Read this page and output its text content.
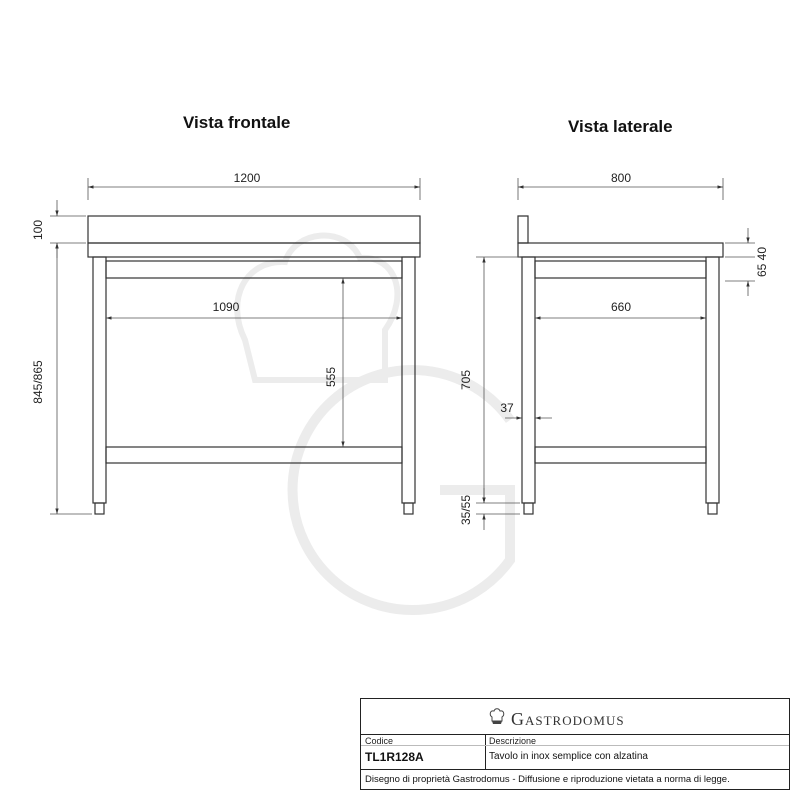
1200
1090
100
845/865	555
800
660
65 40
705
37
35/55
Vista frontale	Vista laterale
Gastrodomus
Codice
TL1R128A
Descrizione
Tavolo in inox semplice con alzatina
Disegno di proprietà Gastrodomus - Diffusione e riproduzione vietata a norma di legge.
